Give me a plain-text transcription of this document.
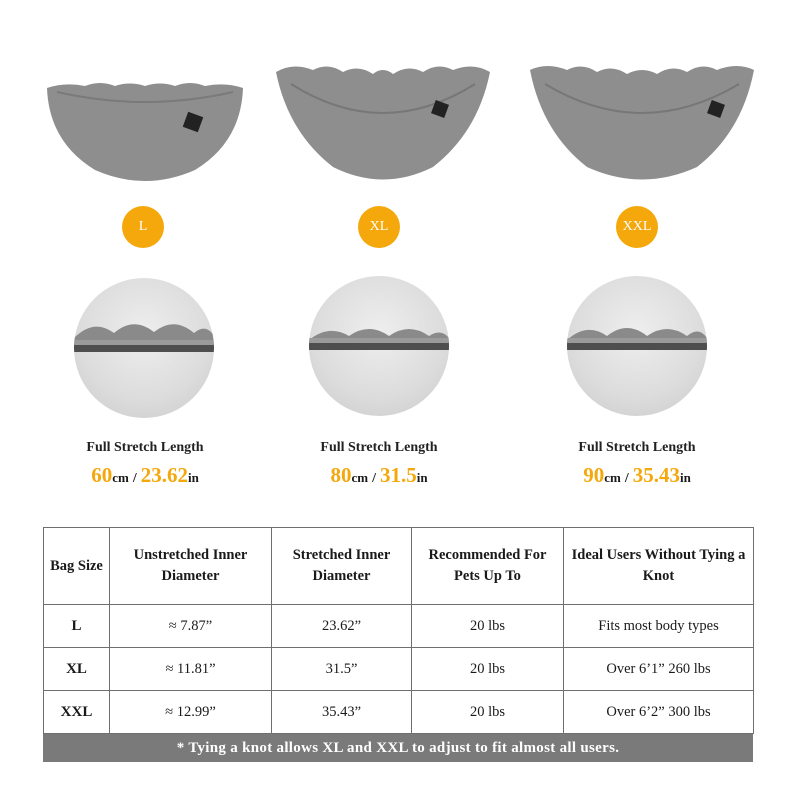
L
Full Stretch Length
60cm / 23.62in
XL
Full Stretch Length
80cm / 31.5in
XXL
Full Stretch Length
90cm / 35.43in
Bag Size	Unstretched Inner Diameter	Stretched Inner Diameter	Recommended For Pets Up To	Ideal Users Without Tying a Knot
L	≈ 7.87”	23.62”	20 lbs	Fits most body types
XL	≈ 11.81”	31.5”	20 lbs	Over 6’1” 260 lbs
XXL	≈ 12.99”	35.43”	20 lbs	Over 6’2” 300 lbs
* Tying a knot allows XL and XXL to adjust to fit almost all users.
